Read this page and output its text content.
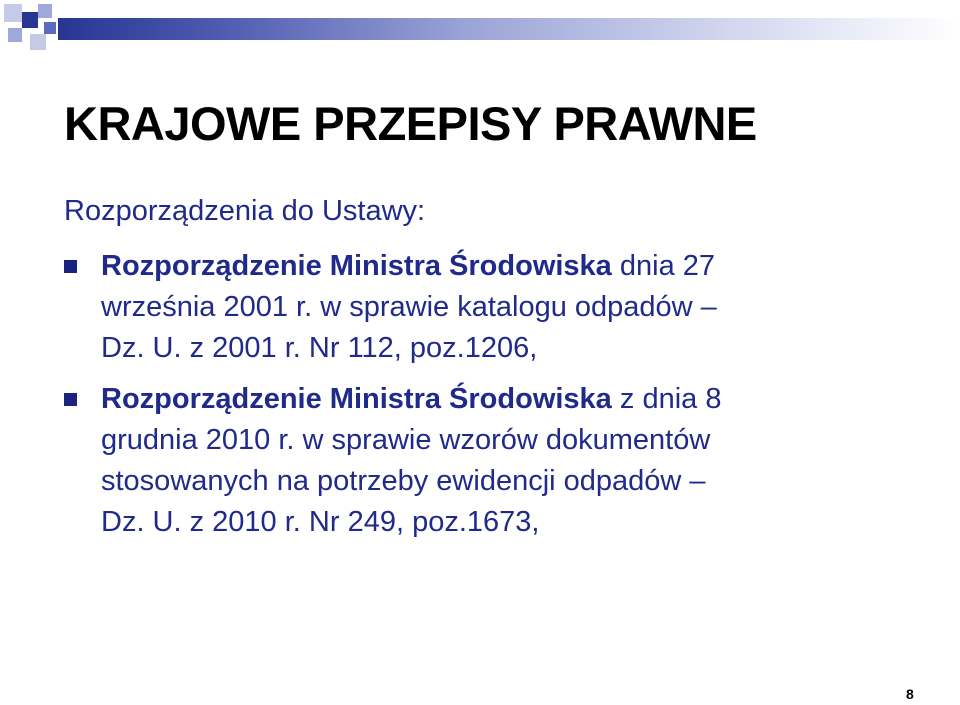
KRAJOWE PRZEPISY PRAWNE

Rozporządzenia do Ustawy:

Rozporządzenie Ministra Środowiska dnia 27
września 2001 r. w sprawie katalogu odpadów –
Dz. U. z 2001 r. Nr 112, poz.1206,
Rozporządzenie Ministra Środowiska z dnia 8
grudnia 2010 r. w sprawie wzorów dokumentów
stosowanych na potrzeby ewidencji odpadów –
Dz. U. z 2010 r. Nr 249, poz.1673,
8
